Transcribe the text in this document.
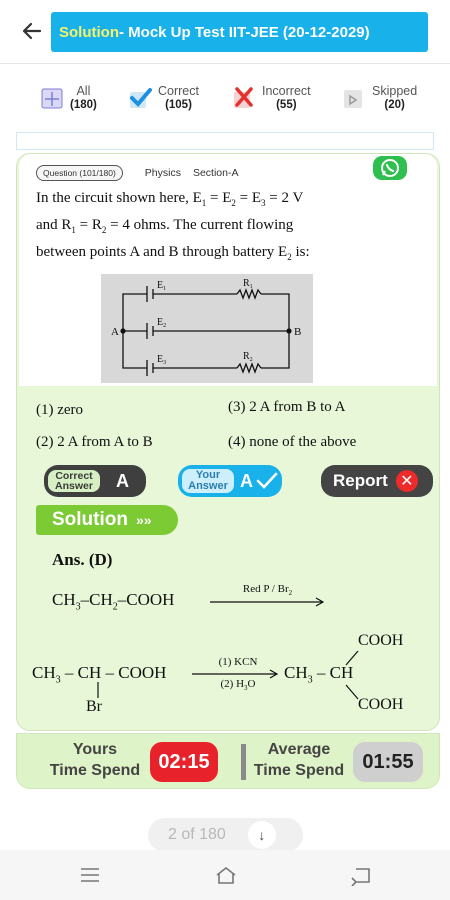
Solution - Mock Up Test IIT-JEE (20-12-2029)
All
(180)
Correct
(105)
Incorrect
(55)
Skipped
(20)
Question (101/180)	Physics Section-A
In the circuit shown here, $E_1 = E_2 = E_3 = 2$ V
and $R_1 = R_2 = 4$ ohms. The current flowing
between points A and B through battery $E_2$ is:
A	B
$E_1$
$E_2$
$E_3$
$R_1$
$R_2$
(1) zero	(3) 2 A from B to A
(2) 2 A from A to B	(4) none of the above
Correct
Answer A	Your
Answer A	Report ✕
Solution »»
Ans. (D)
$CH_3-CH_2$–COOH
Red P / $Br_2$
$CH_3$ – CH – COOH
Br
(1) KCN
(2) $H_3O$
$CH_3$ – CH
COOH
COOH
Yours
Time Spend 02:15
Average
Time Spend 01:55
2 of 180	↓
